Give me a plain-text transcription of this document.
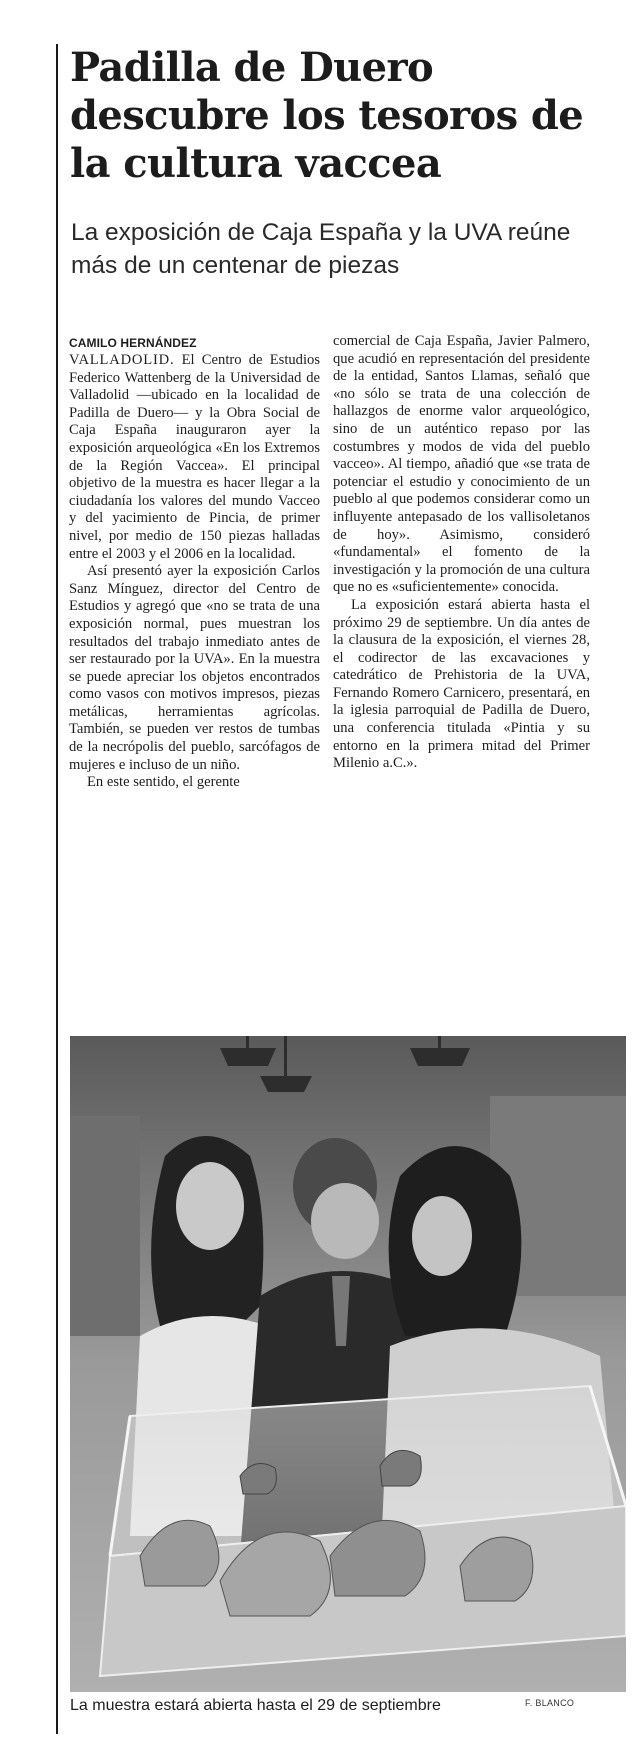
Padilla de Duero descubre los tesoros de la cultura vaccea

La exposición de Caja España y la UVA reúne más de un centenar de piezas

CAMILO HERNÁNDEZ

VALLADOLID. El Centro de Estudios Federico Wattenberg de la Universidad de Valladolid —ubicado en la localidad de Padilla de Duero— y la Obra Social de Caja España inauguraron ayer la exposición arqueológica «En los Extremos de la Región Vaccea». El principal objetivo de la muestra es hacer llegar a la ciudadanía los valores del mundo Vacceo y del yacimiento de Pincia, de primer nivel, por medio de 150 piezas halladas entre el 2003 y el 2006 en la localidad.

Así presentó ayer la exposición Carlos Sanz Mínguez, director del Centro de Estudios y agregó que «no se trata de una exposición normal, pues muestran los resultados del trabajo inmediato antes de ser restaurado por la UVA». En la muestra se puede apreciar los objetos encontrados como vasos con motivos impresos, piezas metálicas, herramientas agrícolas. También, se pueden ver restos de tumbas de la necrópolis del pueblo, sarcófagos de mujeres e incluso de un niño.

En este sentido, el gerente

comercial de Caja España, Javier Palmero, que acudió en representación del presidente de la entidad, Santos Llamas, señaló que «no sólo se trata de una colección de hallazgos de enorme valor arqueológico, sino de un auténtico repaso por las costumbres y modos de vida del pueblo vacceo». Al tiempo, añadió que «se trata de potenciar el estudio y conocimiento de un pueblo al que podemos considerar como un influyente antepasado de los vallisoletanos de hoy». Asimismo, consideró «fundamental» el fomento de la investigación y la promoción de una cultura que no es «suficientemente» conocida.

La exposición estará abierta hasta el próximo 29 de septiembre. Un día antes de la clausura de la exposición, el viernes 28, el codirector de las excavaciones y catedrático de Prehistoria de la UVA, Fernando Romero Carnicero, presentará, en la iglesia parroquial de Padilla de Duero, una conferencia titulada «Pintia y su entorno en la primera mitad del Primer Milenio a.C.».

La muestra estará abierta hasta el 29 de septiembre	F. BLANCO
